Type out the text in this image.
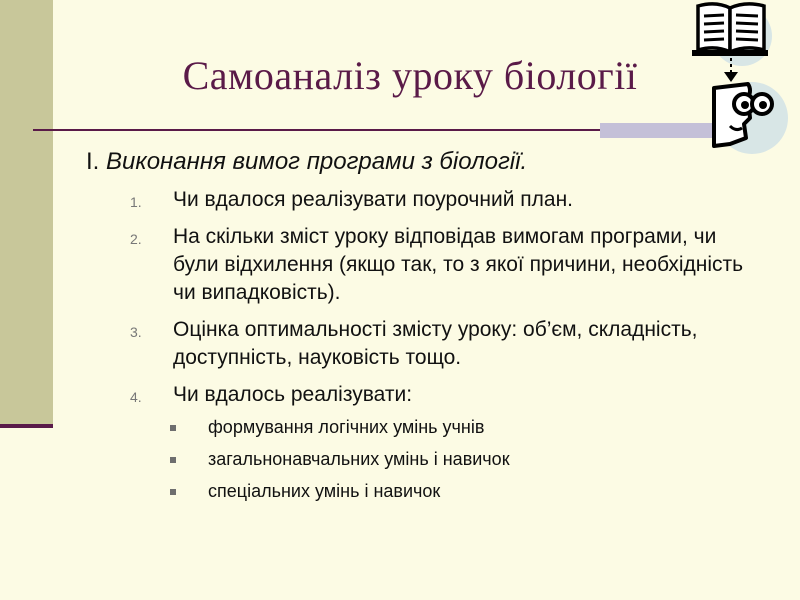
Самоаналіз уроку біології
І. Виконання вимог програми з біології.
1. Чи вдалося реалізувати поурочний план.
2. На скільки зміст уроку відповідав вимогам програми, чи були відхилення (якщо так, то з якої причини, необхідність чи випадковість).
3. Оцінка оптимальності змісту уроку: об’єм, складність, доступність, науковість тощо.
4. Чи вдалось реалізувати:
формування логічних умінь учнів
загальнонавчальних умінь і навичок
спеціальних умінь і навичок
